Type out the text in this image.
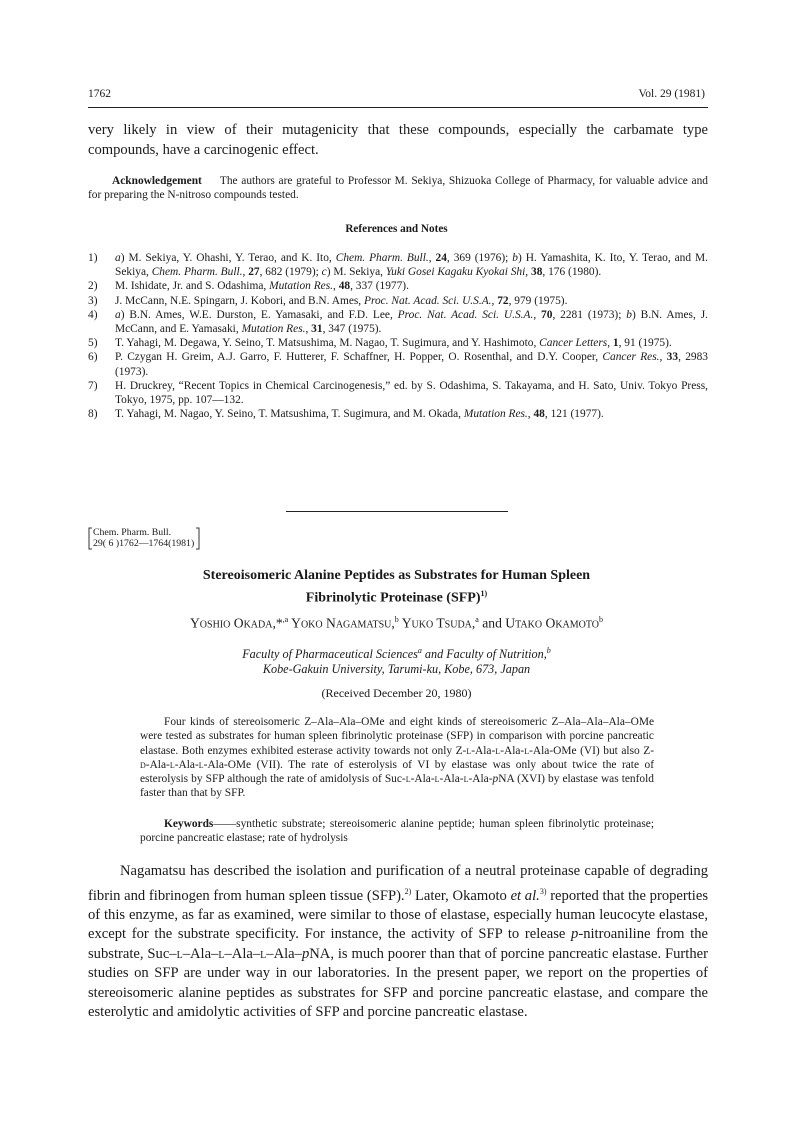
1762	Vol. 29 (1981)
very likely in view of their mutagenicity that these compounds, especially the carbamate type compounds, have a carcinogenic effect.
Acknowledgement The authors are grateful to Professor M. Sekiya, Shizuoka College of Pharmacy, for valuable advice and for preparing the N-nitroso compounds tested.
References and Notes
1)	a) M. Sekiya, Y. Ohashi, Y. Terao, and K. Ito, Chem. Pharm. Bull., 24, 369 (1976); b) H. Yamashita, K. Ito, Y. Terao, and M. Sekiya, Chem. Pharm. Bull., 27, 682 (1979); c) M. Sekiya, Yuki Gosei Kagaku Kyokai Shi, 38, 176 (1980).
2)	M. Ishidate, Jr. and S. Odashima, Mutation Res., 48, 337 (1977).
3)	J. McCann, N.E. Spingarn, J. Kobori, and B.N. Ames, Proc. Nat. Acad. Sci. U.S.A., 72, 979 (1975).
4)	a) B.N. Ames, W.E. Durston, E. Yamasaki, and F.D. Lee, Proc. Nat. Acad. Sci. U.S.A., 70, 2281 (1973); b) B.N. Ames, J. McCann, and E. Yamasaki, Mutation Res., 31, 347 (1975).
5)	T. Yahagi, M. Degawa, Y. Seino, T. Matsushima, M. Nagao, T. Sugimura, and Y. Hashimoto, Cancer Letters, 1, 91 (1975).
6)	P. Czygan H. Greim, A.J. Garro, F. Hutterer, F. Schaffner, H. Popper, O. Rosenthal, and D.Y. Cooper, Cancer Res., 33, 2983 (1973).
7)	H. Druckrey, “Recent Topics in Chemical Carcinogenesis,” ed. by S. Odashima, S. Takayama, and H. Sato, Univ. Tokyo Press, Tokyo, 1975, pp. 107—132.
8)	T. Yahagi, M. Nagao, Y. Seino, T. Matsushima, T. Sugimura, and M. Okada, Mutation Res., 48, 121 (1977).
Chem. Pharm. Bull.
29( 6 )1762—1764(1981)
Stereoisomeric Alanine Peptides as Substrates for Human Spleen
Fibrinolytic Proteinase (SFP)$^{1)}$
Yoshio Okada,*$^{,a}$ Yoko Nagamatsu,$^b$ Yuko Tsuda,$^a$ and Utako Okamoto$^b$
Faculty of Pharmaceutical Sciences$^a$ and Faculty of Nutrition,$^b$
Kobe-Gakuin University, Tarumi-ku, Kobe, 673, Japan
(Received December 20, 1980)
Four kinds of stereoisomeric Z–Ala–Ala–OMe and eight kinds of stereoisomeric Z–Ala–Ala–Ala–OMe were tested as substrates for human spleen fibrinolytic proteinase (SFP) in comparison with porcine pancreatic elastase. Both enzymes exhibited esterase activity towards not only Z-l-Ala-l-Ala-l-Ala-OMe (VI) but also Z-d-Ala-l-Ala-l-Ala-OMe (VII). The rate of esterolysis of VI by elastase was only about twice the rate of esterolysis by SFP although the rate of amidolysis of Suc-l-Ala-l-Ala-l-Ala-pNA (XVI) by elastase was tenfold faster than that by SFP.
Keywords——synthetic substrate; stereoisomeric alanine peptide; human spleen fibrinolytic proteinase; porcine pancreatic elastase; rate of hydrolysis

Nagamatsu has described the isolation and purification of a neutral proteinase capable of degrading fibrin and fibrinogen from human spleen tissue (SFP).$^{2)}$ Later, Okamoto et al.$^{3)}$ reported that the properties of this enzyme, as far as examined, were similar to those of elastase, especially human leucocyte elastase, except for the substrate specificity. For instance, the activity of SFP to release p-nitroaniline from the substrate, Suc–l–Ala–l–Ala–l–Ala–pNA, is much poorer than that of porcine pancreatic elastase. Further studies on SFP are under way in our laboratories. In the present paper, we report on the properties of stereoisomeric alanine peptides as substrates for SFP and porcine pancreatic elastase, and compare the esterolytic and amidolytic activities of SFP and porcine pancreatic elastase.
